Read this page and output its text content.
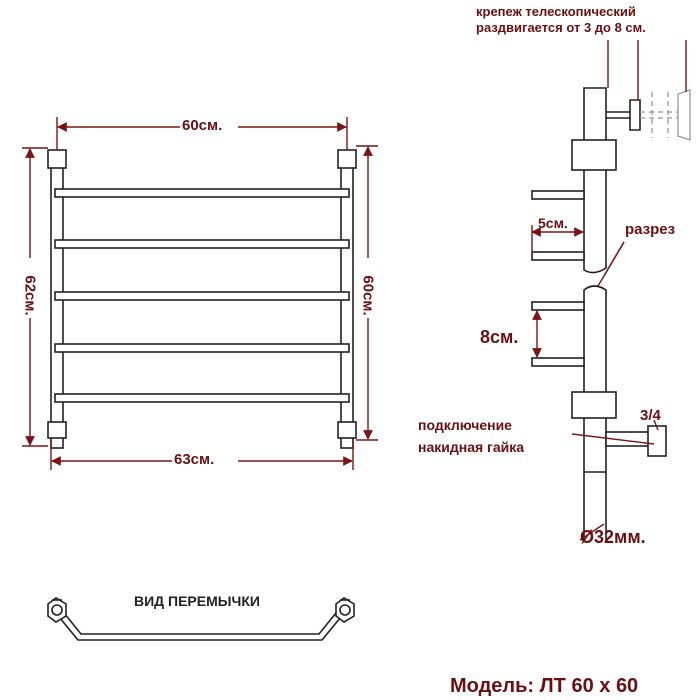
60см.
63см.
62см.	60см.
крепеж телескопический
раздвигается от 3 до 8 см.
5см.	разрез
8см.
подключение
накидная гайка
3/4
Ø32мм.
ВИД ПЕРЕМЫЧКИ
Модель: ЛТ 60 х 60
